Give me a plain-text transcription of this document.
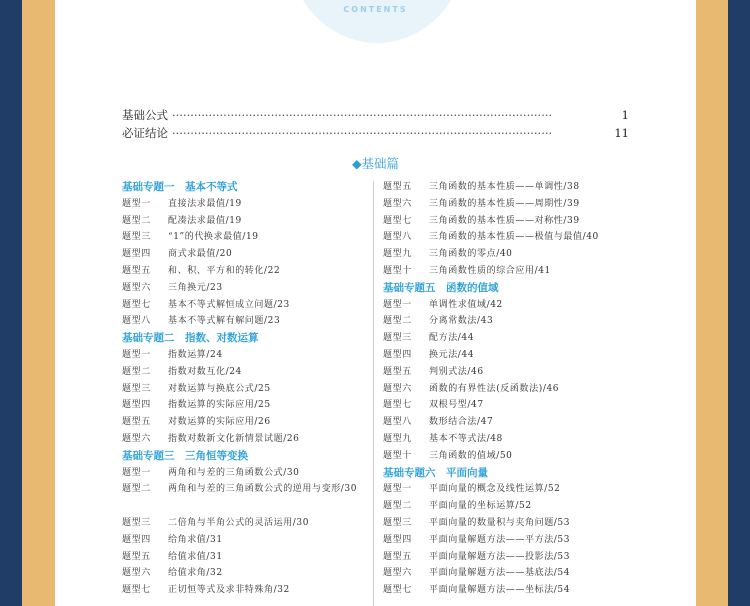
CONTENTS
基础公式 ········································································································	1
必证结论 ········································································································	11
◆基础篇
基础专题一　基本不等式
题型一 直接法求最值/19
题型二 配凑法求最值/19
题型三 “1”的代换求最值/19
题型四 商式求最值/20
题型五 和、积、平方和的转化/22
题型六 三角换元/23
题型七 基本不等式解恒成立问题/23
题型八 基本不等式解有解问题/23
基础专题二　指数、对数运算
题型一 指数运算/24
题型二 指数对数互化/24
题型三 对数运算与换底公式/25
题型四 指数运算的实际应用/25
题型五 对数运算的实际应用/26
题型六 指数对数新文化新情景试题/26
基础专题三　三角恒等变换
题型一 两角和与差的三角函数公式/30
题型二	两角和与差的三角函数公式的逆用与变形/30
题型三 二倍角与半角公式的灵活运用/30
题型四 给角求值/31
题型五 给值求值/31
题型六 给值求角/32
题型七 正切恒等式及求非特殊角/32
题型五 三角函数的基本性质——单调性/38
题型六 三角函数的基本性质——周期性/39
题型七 三角函数的基本性质——对称性/39
题型八 三角函数的基本性质——极值与最值/40
题型九 三角函数的零点/40
题型十 三角函数性质的综合应用/41
基础专题五　函数的值域
题型一 单调性求值域/42
题型二 分离常数法/43
题型三 配方法/44
题型四 换元法/44
题型五 判别式法/46
题型六 函数的有界性法(反函数法)/46
题型七 双根号型/47
题型八 数形结合法/47
题型九 基本不等式法/48
题型十 三角函数的值域/50
基础专题六　平面向量
题型一 平面向量的概念及线性运算/52
题型二 平面向量的坐标运算/52
题型三 平面向量的数量积与夹角问题/53
题型四 平面向量解题方法——平方法/53
题型五 平面向量解题方法——投影法/53
题型六 平面向量解题方法——基底法/54
题型七 平面向量解题方法——坐标法/54
